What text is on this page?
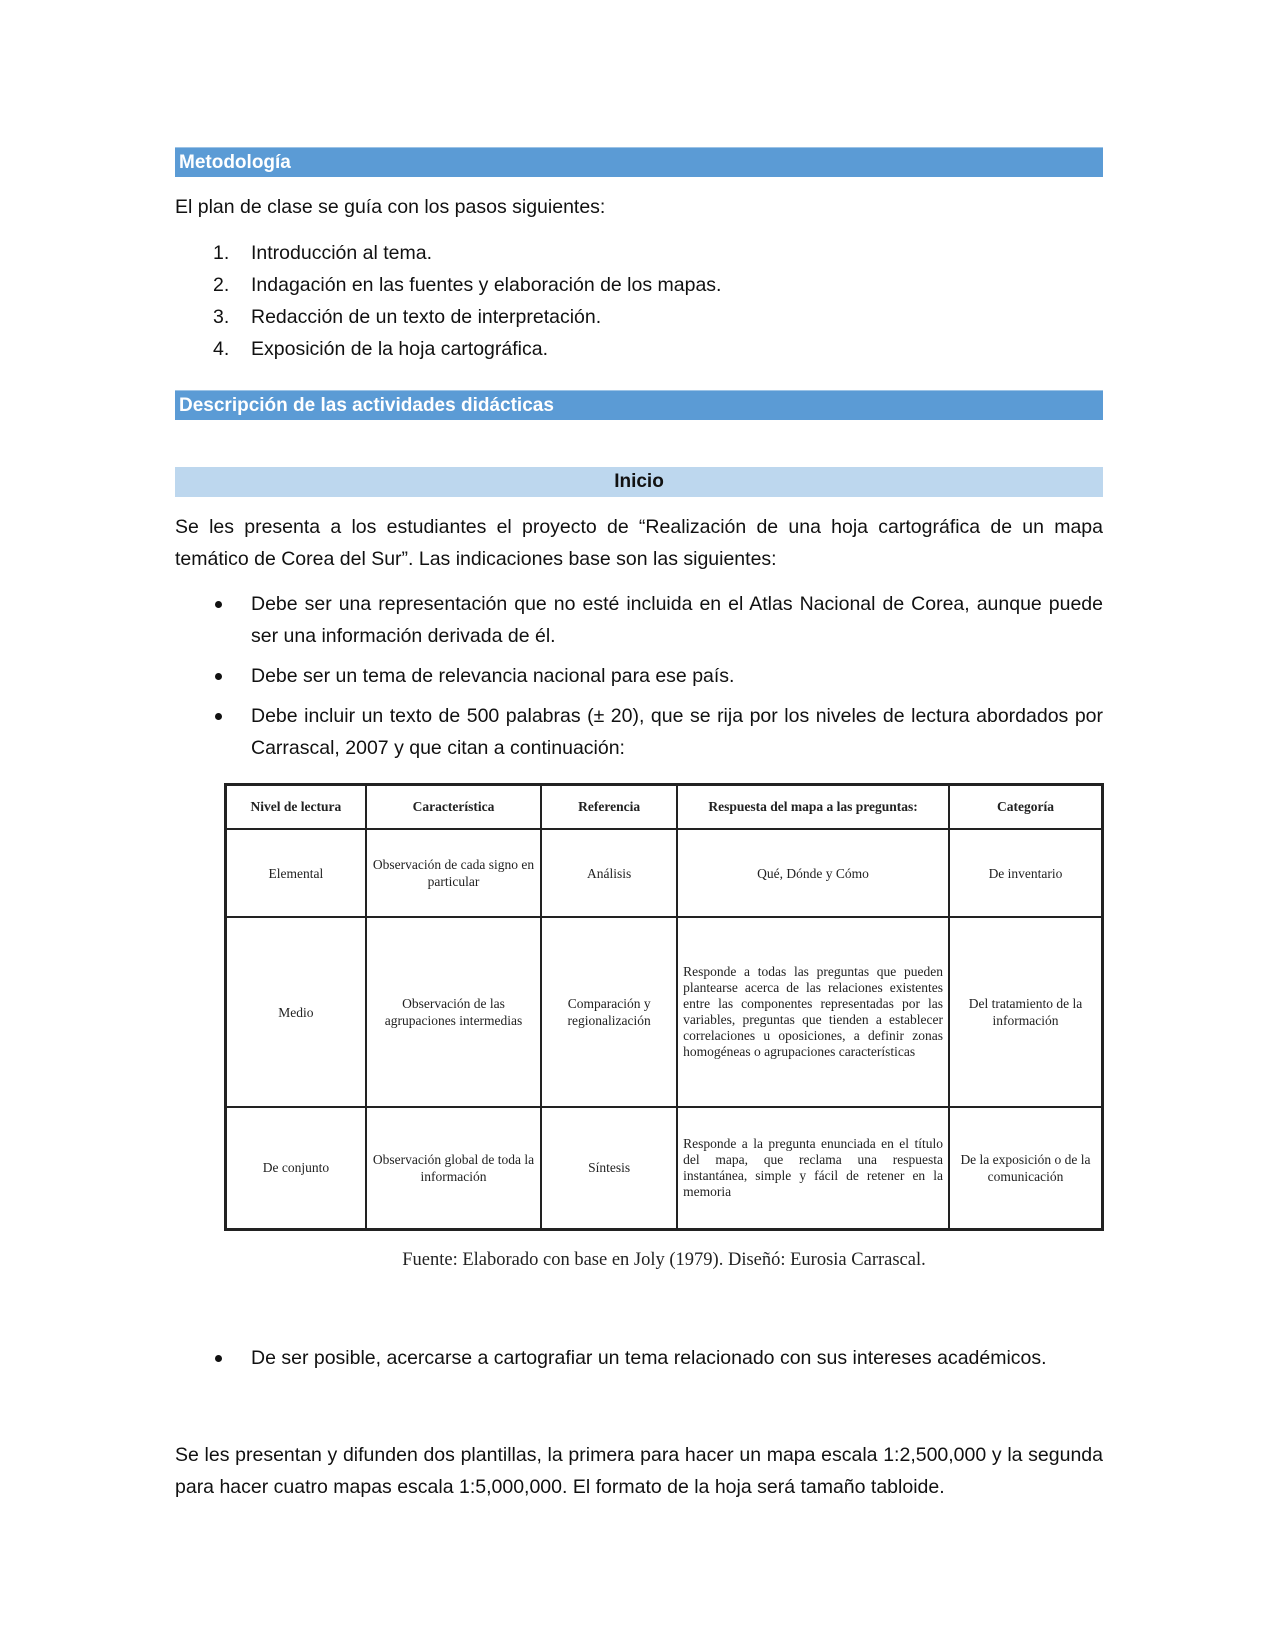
Metodología

El plan de clase se guía con los pasos siguientes:

1. Introducción al tema.
2. Indagación en las fuentes y elaboración de los mapas.
3. Redacción de un texto de interpretación.
4. Exposición de la hoja cartográfica.
Descripción de las actividades didácticas
Inicio

Se les presenta a los estudiantes el proyecto de “Realización de una hoja cartográfica de un mapa temático de Corea del Sur”. Las indicaciones base son las siguientes:

Debe ser una representación que no esté incluida en el Atlas Nacional de Corea, aunque puede ser una información derivada de él.
Debe ser un tema de relevancia nacional para ese país.
Debe incluir un texto de 500 palabras (± 20), que se rija por los niveles de lectura abordados por Carrascal, 2007 y que citan a continuación:
Nivel de lectura	Característica	Referencia	Respuesta del mapa a las preguntas:	Categoría
Elemental	Observación de cada signo en particular	Análisis	Qué, Dónde y Cómo	De inventario
Medio	Observación de las agrupaciones intermedias	Comparación y regionalización	Responde a todas las preguntas que pueden plantearse acerca de las relaciones existentes entre las componentes representadas por las variables, preguntas que tienden a establecer correlaciones u oposiciones, a definir zonas homogéneas o agrupaciones características	Del tratamiento de la información
De conjunto	Observación global de toda la información	Síntesis	Responde a la pregunta enunciada en el título del mapa, que reclama una respuesta instantánea, simple y fácil de retener en la memoria	De la exposición o de la comunicación
Fuente: Elaborado con base en Joly (1979). Diseñó: Eurosia Carrascal.
De ser posible, acercarse a cartografiar un tema relacionado con sus intereses académicos.

Se les presentan y difunden dos plantillas, la primera para hacer un mapa escala 1:2,500,000 y la segunda para hacer cuatro mapas escala 1:5,000,000. El formato de la hoja será tamaño tabloide.
